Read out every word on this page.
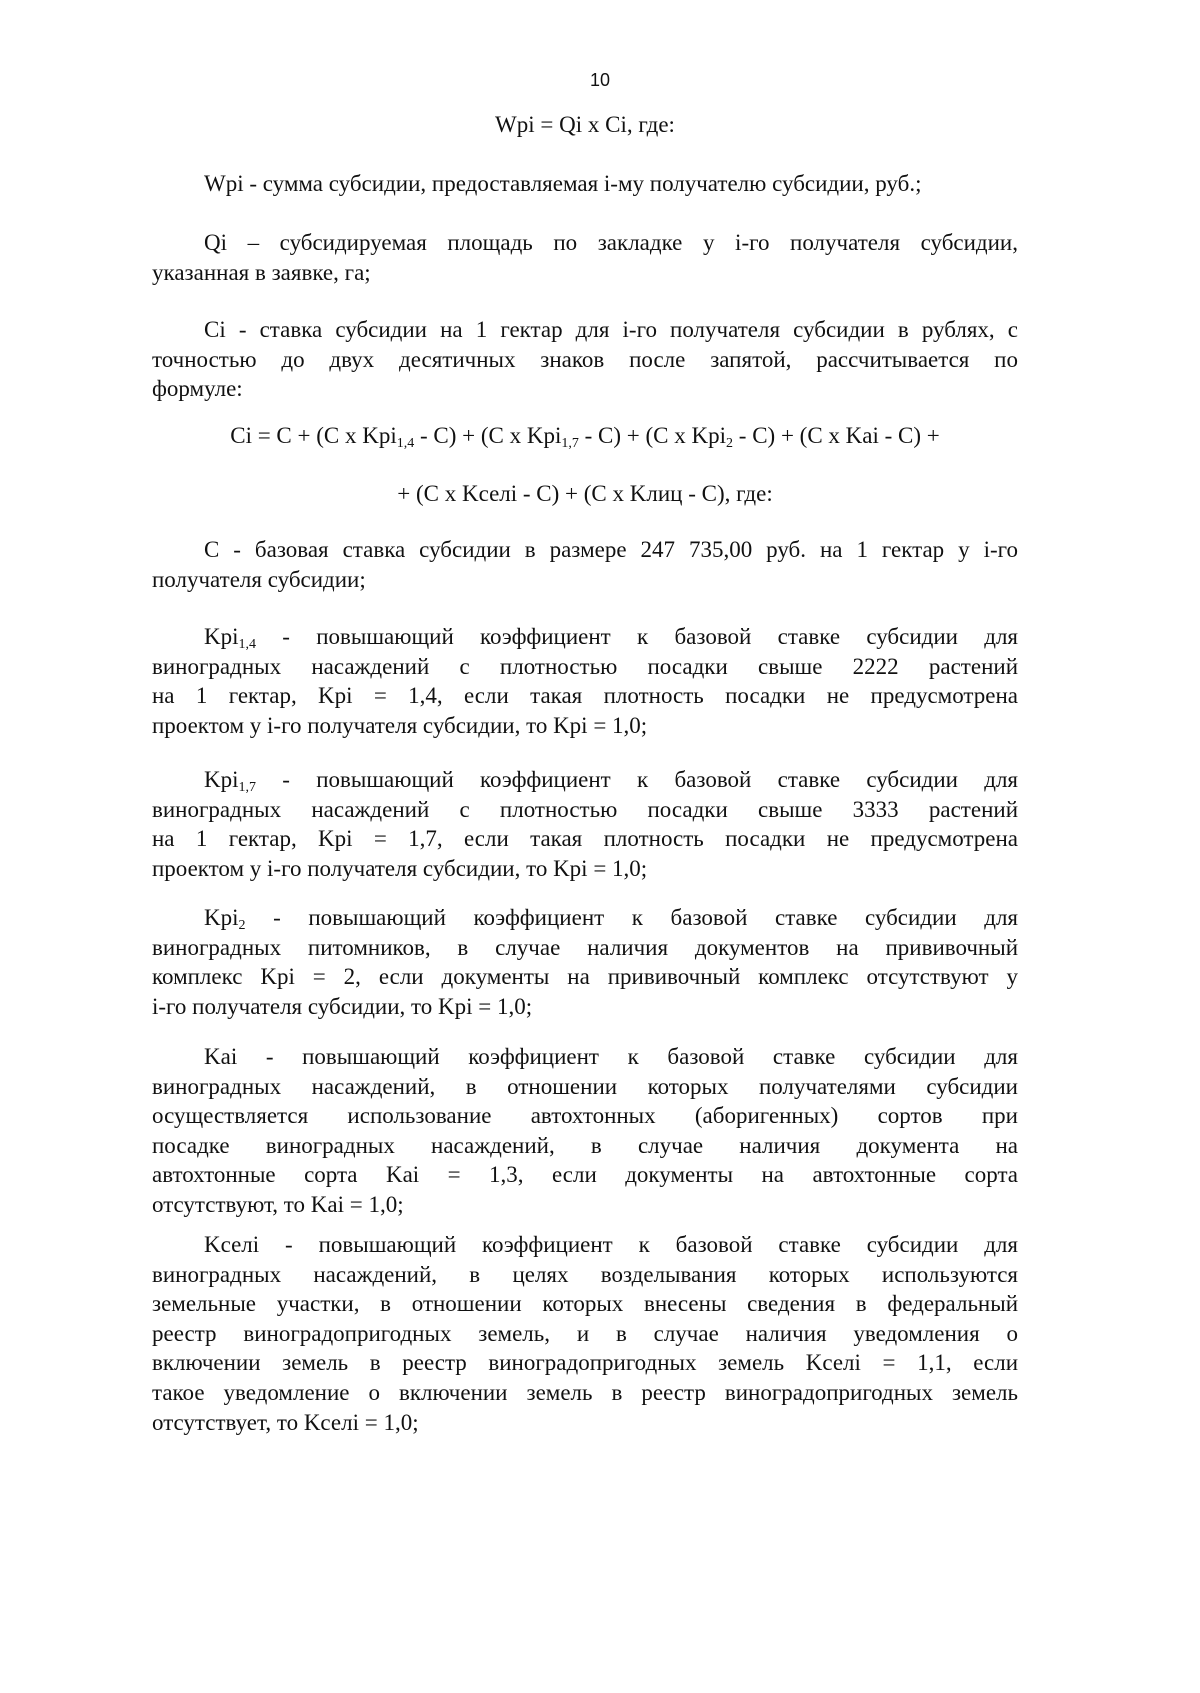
10
Wpi = Qi x Ci, где:
Wpi - сумма субсидии, предоставляемая i-му получателю субсидии, руб.;
Qi – субсидируемая площадь по закладке у i-го получателя субсидии,
указанная в заявке, га;
Ci - ставка субсидии на 1 гектар для i-го получателя субсидии в рублях, с
точностью до двух десятичных знаков после запятой, рассчитывается по
формуле:
Ci = C + (C x Kpi$_{1,4}$ - C) + (C x Kpi$_{1,7}$ - C) + (C x Kpi$_2$ - C) + (C x Kai - C) +
+ (C x Kселi - C) + (C x Kлиц - C), где:
C - базовая ставка субсидии в размере 247 735,00 руб. на 1 гектар у i-го
получателя субсидии;
Kpi$_{1,4}$ - повышающий коэффициент к базовой ставке субсидии для
виноградных насаждений с плотностью посадки свыше 2222 растений
на 1 гектар, Kpi = 1,4, если такая плотность посадки не предусмотрена
проектом у i-го получателя субсидии, то Kpi = 1,0;
Kpi$_{1,7}$ - повышающий коэффициент к базовой ставке субсидии для
виноградных насаждений с плотностью посадки свыше 3333 растений
на 1 гектар, Kpi = 1,7, если такая плотность посадки не предусмотрена
проектом у i-го получателя субсидии, то Kpi = 1,0;
Kpi$_2$ - повышающий коэффициент к базовой ставке субсидии для
виноградных питомников, в случае наличия документов на прививочный
комплекс Kpi = 2, если документы на прививочный комплекс отсутствуют у
i-го получателя субсидии, то Kpi = 1,0;
Kai - повышающий коэффициент к базовой ставке субсидии для
виноградных насаждений, в отношении которых получателями субсидии
осуществляется использование автохтонных (аборигенных) сортов при
посадке виноградных насаждений, в случае наличия документа на
автохтонные сорта Kai = 1,3, если документы на автохтонные сорта
отсутствуют, то Kai = 1,0;
Kселi - повышающий коэффициент к базовой ставке субсидии для
виноградных насаждений, в целях возделывания которых используются
земельные участки, в отношении которых внесены сведения в федеральный
реестр виноградопригодных земель, и в случае наличия уведомления о
включении земель в реестр виноградопригодных земель Kселi = 1,1, если
такое уведомление о включении земель в реестр виноградопригодных земель
отсутствует, то Kселi = 1,0;
